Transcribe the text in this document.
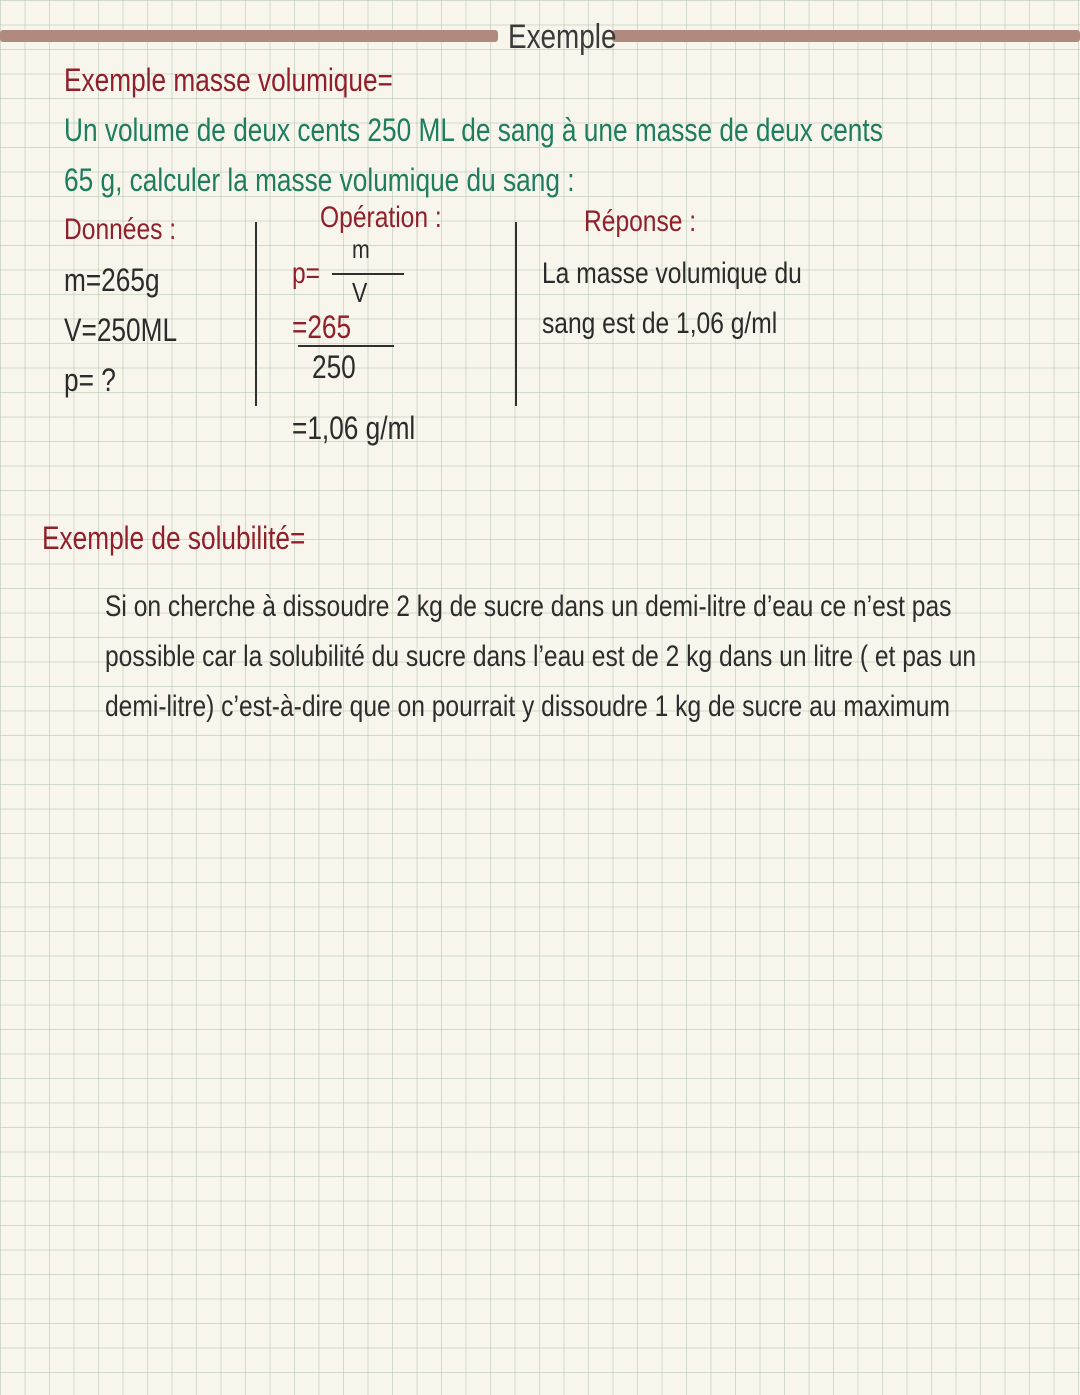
Exemple
Exemple masse volumique=
Un volume de deux cents 250 ML de sang à une masse de deux cents
65 g, calculer la masse volumique du sang :
Données :
m=265g
V=250ML
p= ?
Opération :
m
p=
V
=265
250
=1,06 g/ml
Réponse :
La masse volumique du
sang est de 1,06 g/ml
Exemple de solubilité=
Si on cherche à dissoudre 2 kg de sucre dans un demi-litre d’eau ce n’est pas possible car la solubilité du sucre dans l’eau est de 2 kg dans un litre ( et pas un demi-litre) c’est-à-dire que on pourrait y dissoudre 1 kg de sucre au maximum
